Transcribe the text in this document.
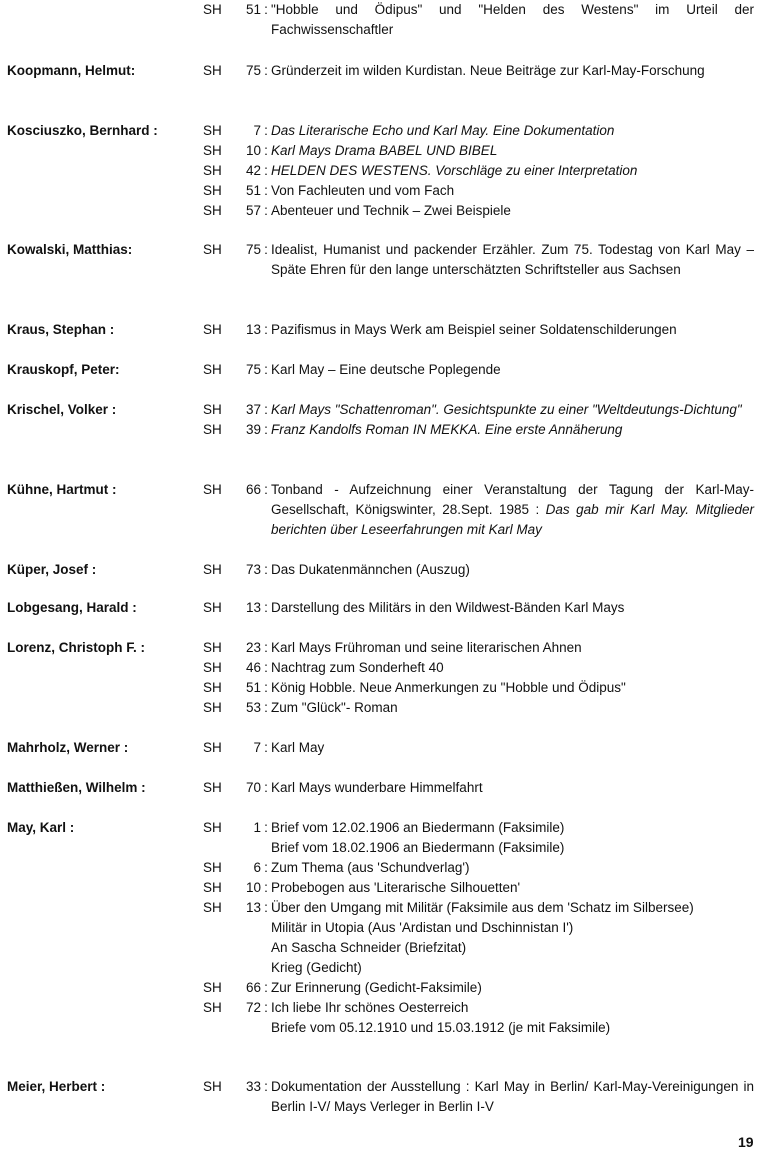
SH	51 : "Hobble und Ödipus" und "Helden des Westens" im Urteil der Fachwissenschaftler
Koopmann, Helmut:	SH	75 : Gründerzeit im wilden Kurdistan. Neue Beiträge zur Karl-May-Forschung
Kosciuszko, Bernhard :	SH	7 : Das Literarische Echo und Karl May. Eine Dokumentation
SH	10 : Karl Mays Drama BABEL UND BIBEL
SH	42 : HELDEN DES WESTENS. Vorschläge zu einer Interpretation
SH	51 : Von Fachleuten und vom Fach
SH	57 : Abenteuer und Technik – Zwei Beispiele
Kowalski, Matthias:	SH	75 : Idealist, Humanist und packender Erzähler. Zum 75. Todestag von Karl May – Späte Ehren für den lange unterschätzten Schriftsteller aus Sachsen
Kraus, Stephan :	SH	13 : Pazifismus in Mays Werk am Beispiel seiner Soldatenschilderungen
Krauskopf, Peter:	SH	75 : Karl May – Eine deutsche Poplegende
Krischel, Volker :	SH	37 : Karl Mays "Schattenroman". Gesichtspunkte zu einer "Weltdeutungs-Dichtung"
SH	39 : Franz Kandolfs Roman IN MEKKA. Eine erste Annäherung
Kühne, Hartmut :	SH	66 : Tonband - Aufzeichnung einer Veranstaltung der Tagung der Karl-May-Gesellschaft, Königswinter, 28.Sept. 1985 : Das gab mir Karl May. Mitglieder berichten über Leseerfahrungen mit Karl May
Küper, Josef :	SH	73 : Das Dukatenmännchen (Auszug)
Lobgesang, Harald :	SH	13 : Darstellung des Militärs in den Wildwest-Bänden Karl Mays
Lorenz, Christoph F. :	SH	23 : Karl Mays Frühroman und seine literarischen Ahnen
SH	46 : Nachtrag zum Sonderheft 40
SH	51 : König Hobble. Neue Anmerkungen zu "Hobble und Ödipus"
SH	53 : Zum "Glück"- Roman
Mahrholz, Werner :	SH	7 : Karl May
Matthießen, Wilhelm :	SH	70 : Karl Mays wunderbare Himmelfahrt
May, Karl :	SH	1 : Brief vom 12.02.1906 an Biedermann (Faksimile)
Brief vom 18.02.1906 an Biedermann (Faksimile)
SH	6 : Zum Thema (aus 'Schundverlag')
SH	10 : Probebogen aus 'Literarische Silhouetten'
SH	13 : Über den Umgang mit Militär (Faksimile aus dem 'Schatz im Silbersee)
Militär in Utopia (Aus 'Ardistan und Dschinnistan I')
An Sascha Schneider (Briefzitat)
Krieg (Gedicht)
SH	66 : Zur Erinnerung (Gedicht-Faksimile)
SH	72 : Ich liebe Ihr schönes Oesterreich
Briefe vom 05.12.1910 und 15.03.1912 (je mit Faksimile)
Meier, Herbert :	SH	33 : Dokumentation der Ausstellung : Karl May in Berlin/ Karl-May-Vereinigungen in Berlin I-V/ Mays Verleger in Berlin I-V
19
